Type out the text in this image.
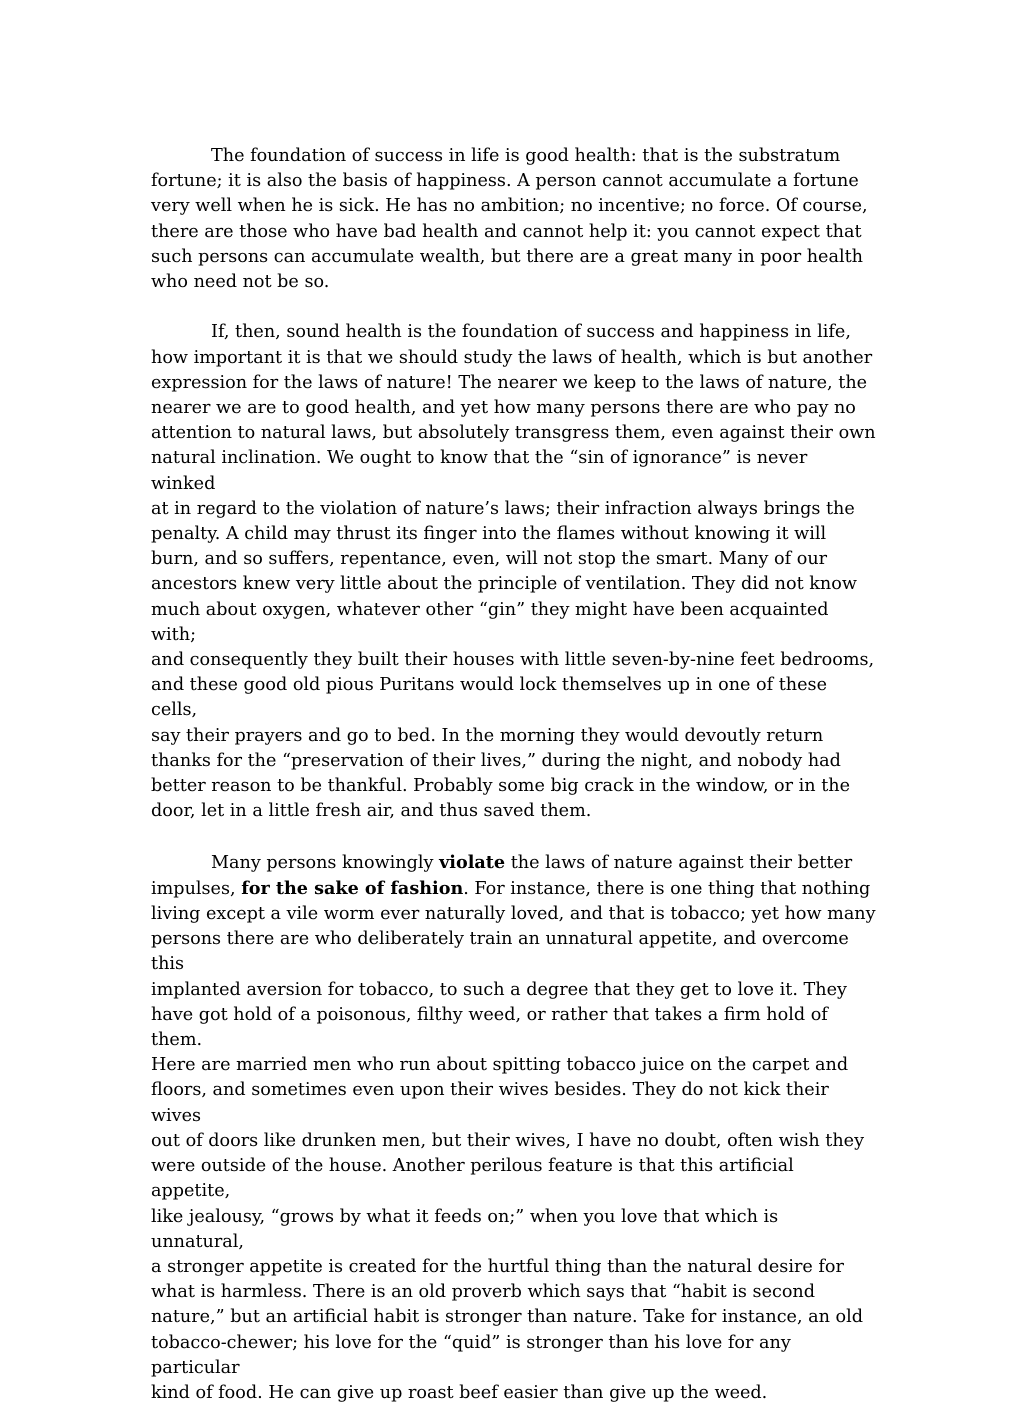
The foundation of success in life is good health: that is the substratum
fortune; it is also the basis of happiness. A person cannot accumulate a fortune
very well when he is sick. He has no ambition; no incentive; no force. Of course,
there are those who have bad health and cannot help it: you cannot expect that
such persons can accumulate wealth, but there are a great many in poor health
who need not be so.

If, then, sound health is the foundation of success and happiness in life,
how important it is that we should study the laws of health, which is but another
expression for the laws of nature! The nearer we keep to the laws of nature, the
nearer we are to good health, and yet how many persons there are who pay no
attention to natural laws, but absolutely transgress them, even against their own
natural inclination. We ought to know that the “sin of ignorance” is never winked
at in regard to the violation of nature’s laws; their infraction always brings the
penalty. A child may thrust its finger into the flames without knowing it will
burn, and so suffers, repentance, even, will not stop the smart. Many of our
ancestors knew very little about the principle of ventilation. They did not know
much about oxygen, whatever other “gin” they might have been acquainted with;
and consequently they built their houses with little seven-by-nine feet bedrooms,
and these good old pious Puritans would lock themselves up in one of these cells,
say their prayers and go to bed. In the morning they would devoutly return
thanks for the “preservation of their lives,” during the night, and nobody had
better reason to be thankful. Probably some big crack in the window, or in the
door, let in a little fresh air, and thus saved them.

Many persons knowingly violate the laws of nature against their better
impulses, for the sake of fashion. For instance, there is one thing that nothing
living except a vile worm ever naturally loved, and that is tobacco; yet how many
persons there are who deliberately train an unnatural appetite, and overcome this
implanted aversion for tobacco, to such a degree that they get to love it. They
have got hold of a poisonous, filthy weed, or rather that takes a firm hold of them.
Here are married men who run about spitting tobacco juice on the carpet and
floors, and sometimes even upon their wives besides. They do not kick their wives
out of doors like drunken men, but their wives, I have no doubt, often wish they
were outside of the house. Another perilous feature is that this artificial appetite,
like jealousy, “grows by what it feeds on;” when you love that which is unnatural,
a stronger appetite is created for the hurtful thing than the natural desire for
what is harmless. There is an old proverb which says that “habit is second
nature,” but an artificial habit is stronger than nature. Take for instance, an old
tobacco-chewer; his love for the “quid” is stronger than his love for any particular
kind of food. He can give up roast beef easier than give up the weed.
